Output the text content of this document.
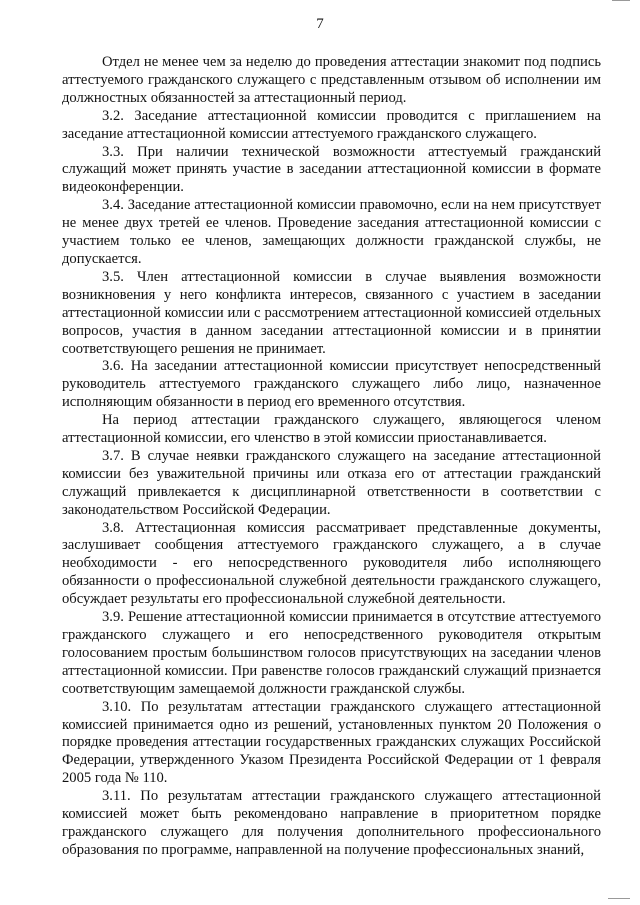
7

Отдел не менее чем за неделю до проведения аттестации знакомит под подпись аттестуемого гражданского служащего с представленным отзывом об исполнении им должностных обязанностей за аттестационный период.

3.2. Заседание аттестационной комиссии проводится с приглашением на заседание аттестационной комиссии аттестуемого гражданского служащего.

3.3. При наличии технической возможности аттестуемый гражданский служащий может принять участие в заседании аттестационной комиссии в формате видеоконференции.

3.4. Заседание аттестационной комиссии правомочно, если на нем присутствует не менее двух третей ее членов. Проведение заседания аттестационной комиссии с участием только ее членов, замещающих должности гражданской службы, не допускается.

3.5. Член аттестационной комиссии в случае выявления возможности возникновения у него конфликта интересов, связанного с участием в заседании аттестационной комиссии или с рассмотрением аттестационной комиссией отдельных вопросов, участия в данном заседании аттестационной комиссии и в принятии соответствующего решения не принимает.

3.6. На заседании аттестационной комиссии присутствует непосредственный руководитель аттестуемого гражданского служащего либо лицо, назначенное исполняющим обязанности в период его временного отсутствия.

На период аттестации гражданского служащего, являющегося членом аттестационной комиссии, его членство в этой комиссии приостанавливается.

3.7. В случае неявки гражданского служащего на заседание аттестационной комиссии без уважительной причины или отказа его от аттестации гражданский служащий привлекается к дисциплинарной ответственности в соответствии с законодательством Российской Федерации.

3.8. Аттестационная комиссия рассматривает представленные документы, заслушивает сообщения аттестуемого гражданского служащего, а в случае необходимости - его непосредственного руководителя либо исполняющего обязанности о профессиональной служебной деятельности гражданского служащего, обсуждает результаты его профессиональной служебной деятельности.

3.9. Решение аттестационной комиссии принимается в отсутствие аттестуемого гражданского служащего и его непосредственного руководителя открытым голосованием простым большинством голосов присутствующих на заседании членов аттестационной комиссии. При равенстве голосов гражданский служащий признается соответствующим замещаемой должности гражданской службы.

3.10. По результатам аттестации гражданского служащего аттестационной комиссией принимается одно из решений, установленных пунктом 20 Положения о порядке проведения аттестации государственных гражданских служащих Российской Федерации, утвержденного Указом Президента Российской Федерации от 1 февраля 2005 года № 110.

3.11. По результатам аттестации гражданского служащего аттестационной комиссией может быть рекомендовано направление в приоритетном порядке гражданского служащего для получения дополнительного профессионального образования по программе, направленной на получение профессиональных знаний,
